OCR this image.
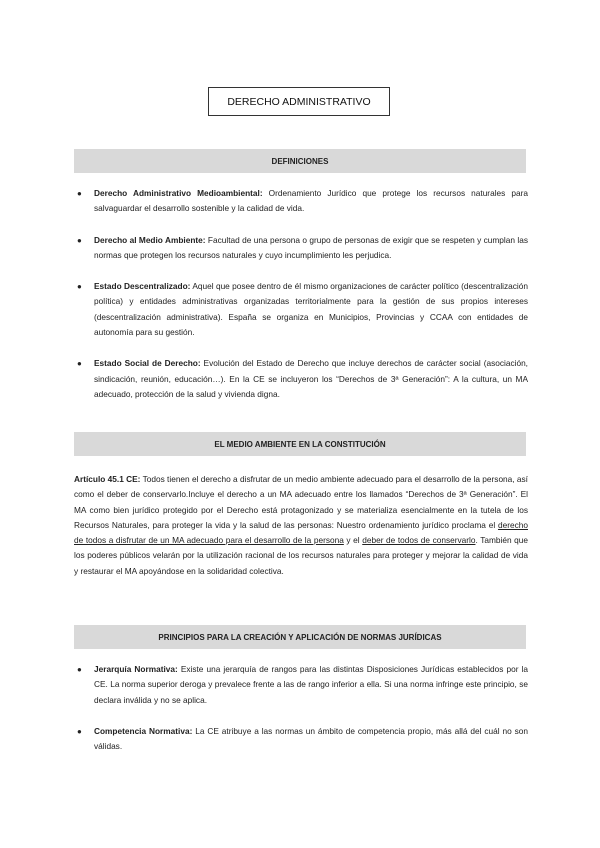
DERECHO ADMINISTRATIVO
DEFINICIONES
● Derecho Administrativo Medioambiental: Ordenamiento Jurídico que protege los recursos naturales para salvaguardar el desarrollo sostenible y la calidad de vida.
● Derecho al Medio Ambiente: Facultad de una persona o grupo de personas de exigir que se respeten y cumplan las normas que protegen los recursos naturales y cuyo incumplimiento les perjudica.
● Estado Descentralizado: Aquel que posee dentro de él mismo organizaciones de carácter político (descentralización política) y entidades administrativas organizadas territorialmente para la gestión de sus propios intereses (descentralización administrativa). España se organiza en Municipios, Provincias y CCAA con entidades de autonomía para su gestión.
● Estado Social de Derecho: Evolución del Estado de Derecho que incluye derechos de carácter social (asociación, sindicación, reunión, educación…). En la CE se incluyeron los “Derechos de 3ª Generación”: A la cultura, un MA adecuado, protección de la salud y vivienda digna.
EL MEDIO AMBIENTE EN LA CONSTITUCIÓN

Artículo 45.1 CE: Todos tienen el derecho a disfrutar de un medio ambiente adecuado para el desarrollo de la persona, así como el deber de conservarlo.Incluye el derecho a un MA adecuado entre los llamados “Derechos de 3ª Generación”. El MA como bien jurídico protegido por el Derecho está protagonizado y se materializa esencialmente en la tutela de los Recursos Naturales, para proteger la vida y la salud de las personas: Nuestro ordenamiento jurídico proclama el derecho de todos a disfrutar de un MA adecuado para el desarrollo de la persona y el deber de todos de conservarlo. También que los poderes públicos velarán por la utilización racional de los recursos naturales para proteger y mejorar la calidad de vida y restaurar el MA apoyándose en la solidaridad colectiva.

PRINCIPIOS PARA LA CREACIÓN Y APLICACIÓN DE NORMAS JURÍDICAS
● Jerarquía Normativa: Existe una jerarquía de rangos para las distintas Disposiciones Jurídicas establecidos por la CE. La norma superior deroga y prevalece frente a las de rango inferior a ella. Si una norma infringe este principio, se declara inválida y no se aplica.
● Competencia Normativa: La CE atribuye a las normas un ámbito de competencia propio, más allá del cuál no son válidas.
